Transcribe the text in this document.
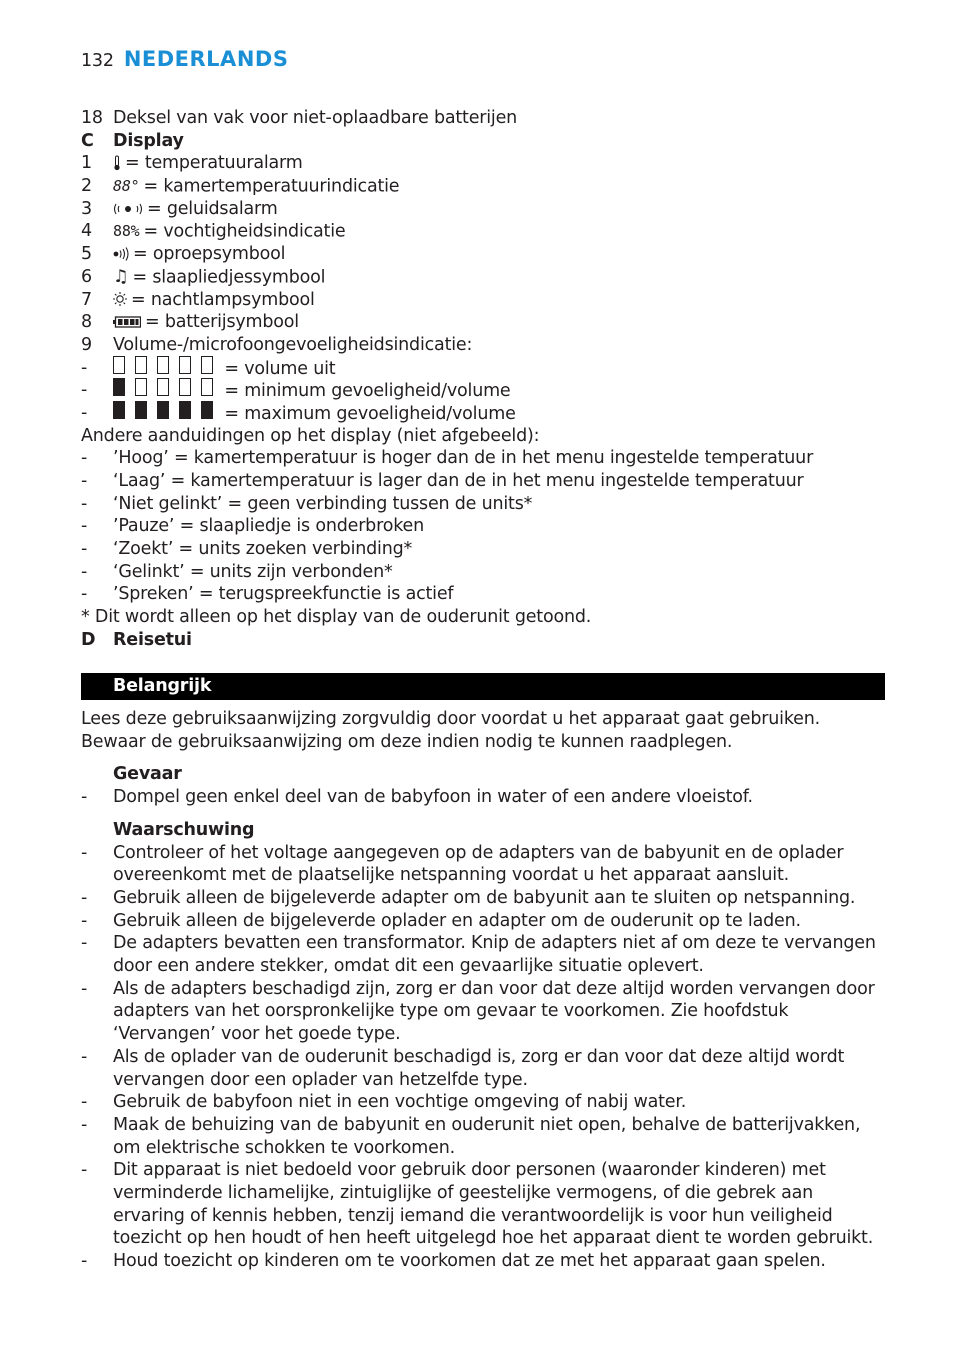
132 NEDERLANDS
18 Deksel van vak voor niet-oplaadbare batterijen
C	Display
1	= temperatuuralarm
2	88° = kamertemperatuurindicatie
3	= geluidsalarm
4	88% = vochtigheidsindicatie
5	= oproepsymbool
6	♫ = slaapliedjessymbool
7	= nachtlampsymbool
8	= batterijsymbool
9	Volume-/microfoongevoeligheidsindicatie:
-	= volume uit
-	= minimum gevoeligheid/volume
-	= maximum gevoeligheid/volume
Andere aanduidingen op het display (niet afgebeeld):
-	’Hoog’ = kamertemperatuur is hoger dan de in het menu ingestelde temperatuur
-	‘Laag’ = kamertemperatuur is lager dan de in het menu ingestelde temperatuur
-	‘Niet gelinkt’ = geen verbinding tussen de units*
-	’Pauze’ = slaapliedje is onderbroken
-	‘Zoekt’ = units zoeken verbinding*
-	‘Gelinkt’ = units zijn verbonden*
-	’Spreken’ = terugspreekfunctie is actief
* Dit wordt alleen op het display van de ouderunit getoond.
D	Reisetui
Belangrijk
Lees deze gebruiksaanwijzing zorgvuldig door voordat u het apparaat gaat gebruiken. Bewaar de gebruiksaanwijzing om deze indien nodig te kunnen raadplegen.
Gevaar
-	Dompel geen enkel deel van de babyfoon in water of een andere vloeistof.
Waarschuwing
-	Controleer of het voltage aangegeven op de adapters van de babyunit en de oplader overeenkomt met de plaatselijke netspanning voordat u het apparaat aansluit.
-	Gebruik alleen de bijgeleverde adapter om de babyunit aan te sluiten op netspanning.
-	Gebruik alleen de bijgeleverde oplader en adapter om de ouderunit op te laden.
-	De adapters bevatten een transformator. Knip de adapters niet af om deze te vervangen door een andere stekker, omdat dit een gevaarlijke situatie oplevert.
-	Als de adapters beschadigd zijn, zorg er dan voor dat deze altijd worden vervangen door adapters van het oorspronkelijke type om gevaar te voorkomen. Zie hoofdstuk ‘Vervangen’ voor het goede type.
-	Als de oplader van de ouderunit beschadigd is, zorg er dan voor dat deze altijd wordt vervangen door een oplader van hetzelfde type.
-	Gebruik de babyfoon niet in een vochtige omgeving of nabij water.
-	Maak de behuizing van de babyunit en ouderunit niet open, behalve de batterijvakken, om elektrische schokken te voorkomen.
-	Dit apparaat is niet bedoeld voor gebruik door personen (waaronder kinderen) met verminderde lichamelijke, zintuiglijke of geestelijke vermogens, of die gebrek aan ervaring of kennis hebben, tenzij iemand die verantwoordelijk is voor hun veiligheid toezicht op hen houdt of hen heeft uitgelegd hoe het apparaat dient te worden gebruikt.
-	Houd toezicht op kinderen om te voorkomen dat ze met het apparaat gaan spelen.
